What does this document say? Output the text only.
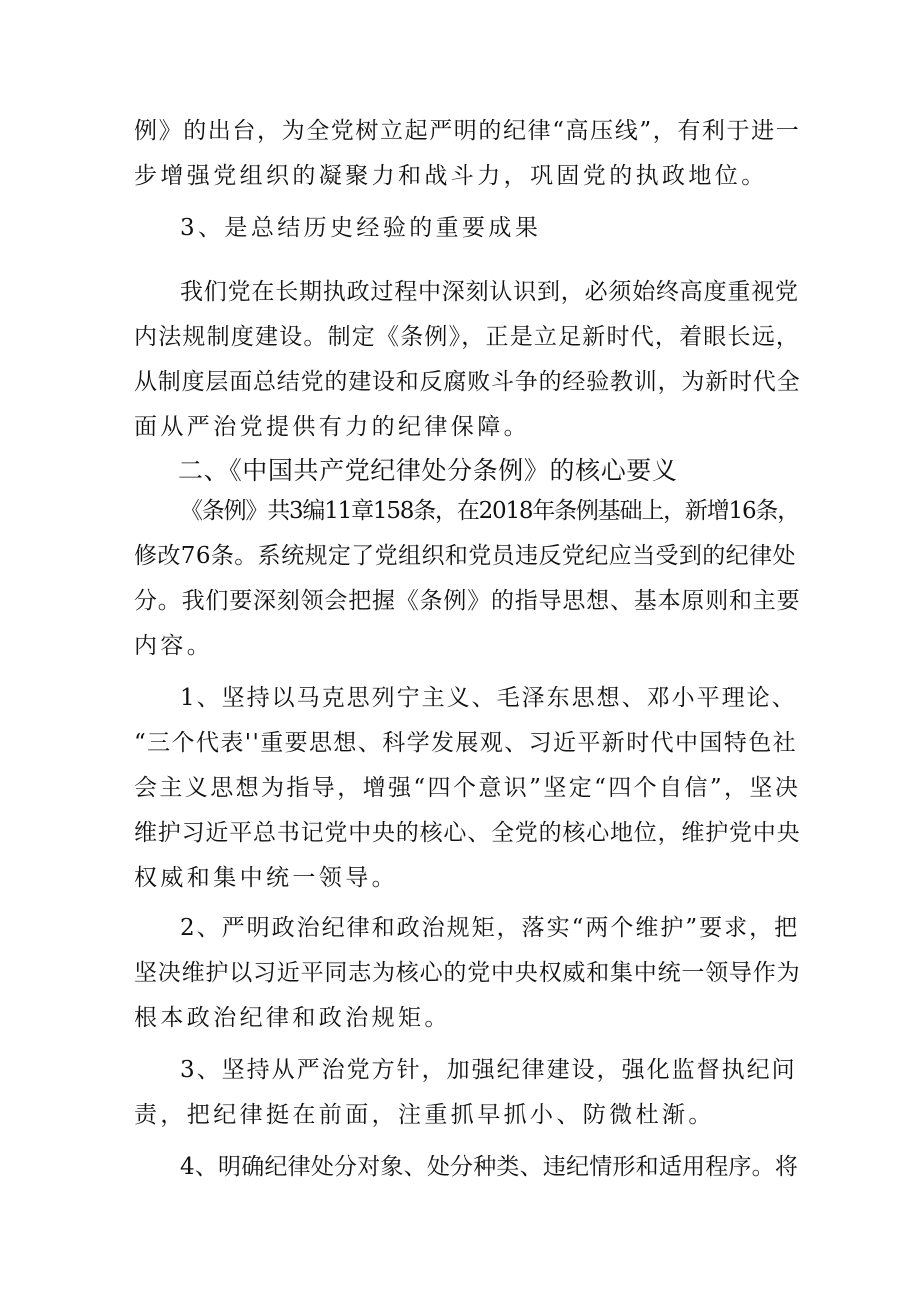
例》的出台，为全党树立起严明的纪律“高压线”，有利于进一
步增强党组织的凝聚力和战斗力，巩固党的执政地位。
3、是总结历史经验的重要成果
我们党在长期执政过程中深刻认识到，必须始终高度重视党
内法规制度建设。制定《条例》，正是立足新时代，着眼长远，
从制度层面总结党的建设和反腐败斗争的经验教训，为新时代全
面从严治党提供有力的纪律保障。
二、《中国共产党纪律处分条例》的核心要义
《条例》共3编11章158条，在2018年条例基础上，新增16条，
修改76条。系统规定了党组织和党员违反党纪应当受到的纪律处
分。我们要深刻领会把握《条例》的指导思想、基本原则和主要
内容。
1、坚持以马克思列宁主义、毛泽东思想、邓小平理论、
“三个代表''重要思想、科学发展观、习近平新时代中国特色社
会主义思想为指导，增强“四个意识”坚定“四个自信”，坚决
维护习近平总书记党中央的核心、全党的核心地位，维护党中央
权威和集中统一领导。
2、严明政治纪律和政治规矩，落实“两个维护”要求，把
坚决维护以习近平同志为核心的党中央权威和集中统一领导作为
根本政治纪律和政治规矩。
3、坚持从严治党方针，加强纪律建设，强化监督执纪问
责，把纪律挺在前面，注重抓早抓小、防微杜渐。
4、明确纪律处分对象、处分种类、违纪情形和适用程序。将
